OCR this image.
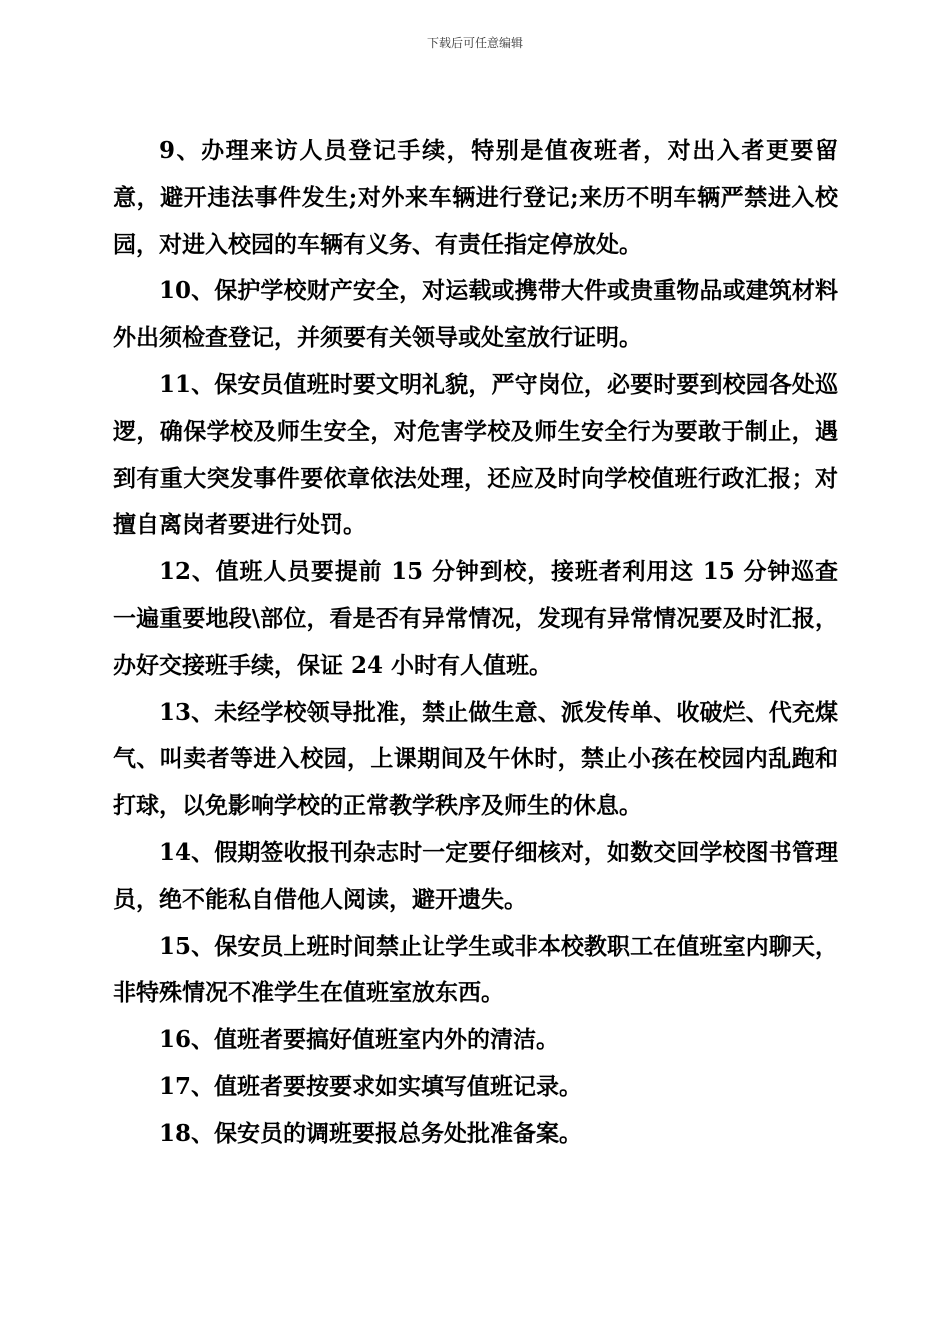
下载后可任意编辑

9、办理来访人员登记手续，特别是值夜班者，对出入者更要留意，避开违法事件发生;对外来车辆进行登记;来历不明车辆严禁进入校园，对进入校园的车辆有义务、有责任指定停放处。

10、保护学校财产安全，对运载或携带大件或贵重物品或建筑材料外出须检查登记，并须要有关领导或处室放行证明。

11、保安员值班时要文明礼貌，严守岗位，必要时要到校园各处巡逻，确保学校及师生安全，对危害学校及师生安全行为要敢于制止，遇到有重大突发事件要依章依法处理，还应及时向学校值班行政汇报；对擅自离岗者要进行处罚。

12、值班人员要提前 15 分钟到校，接班者利用这 15 分钟巡查一遍重要地段\部位，看是否有异常情况，发现有异常情况要及时汇报，办好交接班手续，保证 24 小时有人值班。

13、未经学校领导批准，禁止做生意、派发传单、收破烂、代充煤气、叫卖者等进入校园，上课期间及午休时，禁止小孩在校园内乱跑和打球，以免影响学校的正常教学秩序及师生的休息。

14、假期签收报刊杂志时一定要仔细核对，如数交回学校图书管理员，绝不能私自借他人阅读，避开遗失。

15、保安员上班时间禁止让学生或非本校教职工在值班室内聊天，非特殊情况不准学生在值班室放东西。

16、值班者要搞好值班室内外的清洁。

17、值班者要按要求如实填写值班记录。

18、保安员的调班要报总务处批准备案。
